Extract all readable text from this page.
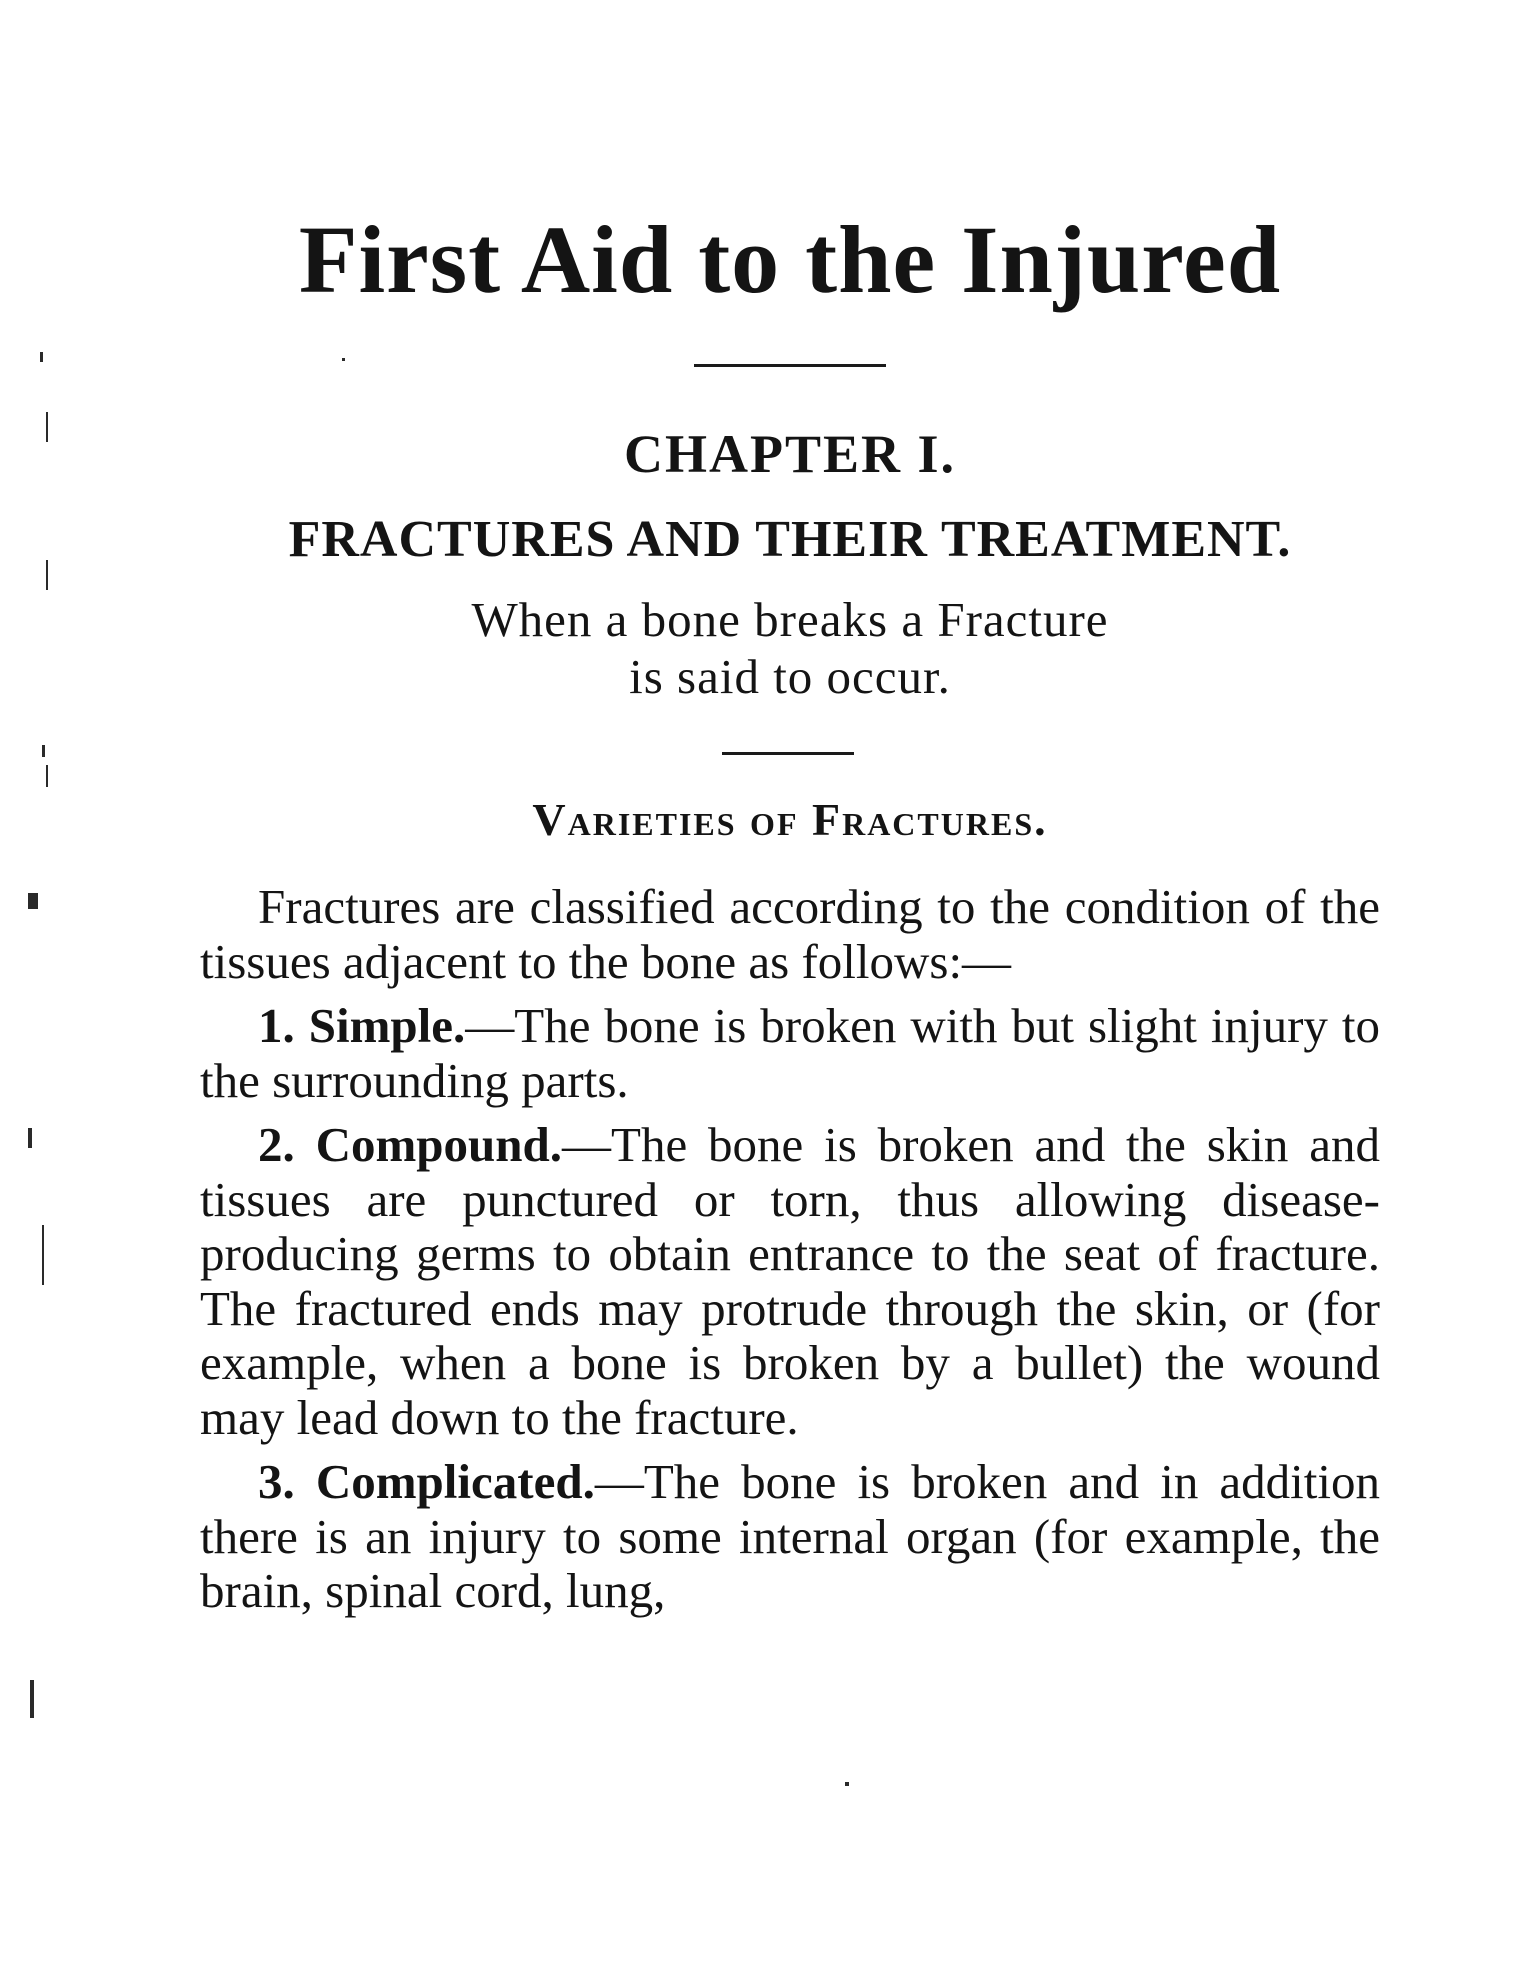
First Aid to the Injured
CHAPTER I.
FRACTURES AND THEIR TREATMENT.

When a bone breaks a Fracture
is said to occur.

Varieties of Fractures.

Fractures are classified according to the condition of the tissues adjacent to the bone as follows:—

1. Simple.—The bone is broken with but slight injury to the surrounding parts.

2. Compound.—The bone is broken and the skin and tissues are punctured or torn, thus allowing disease-producing germs to obtain entrance to the seat of fracture. The fractured ends may protrude through the skin, or (for example, when a bone is broken by a bullet) the wound may lead down to the fracture.

3. Complicated.—The bone is broken and in addition there is an injury to some internal organ (for example, the brain, spinal cord, lung,
